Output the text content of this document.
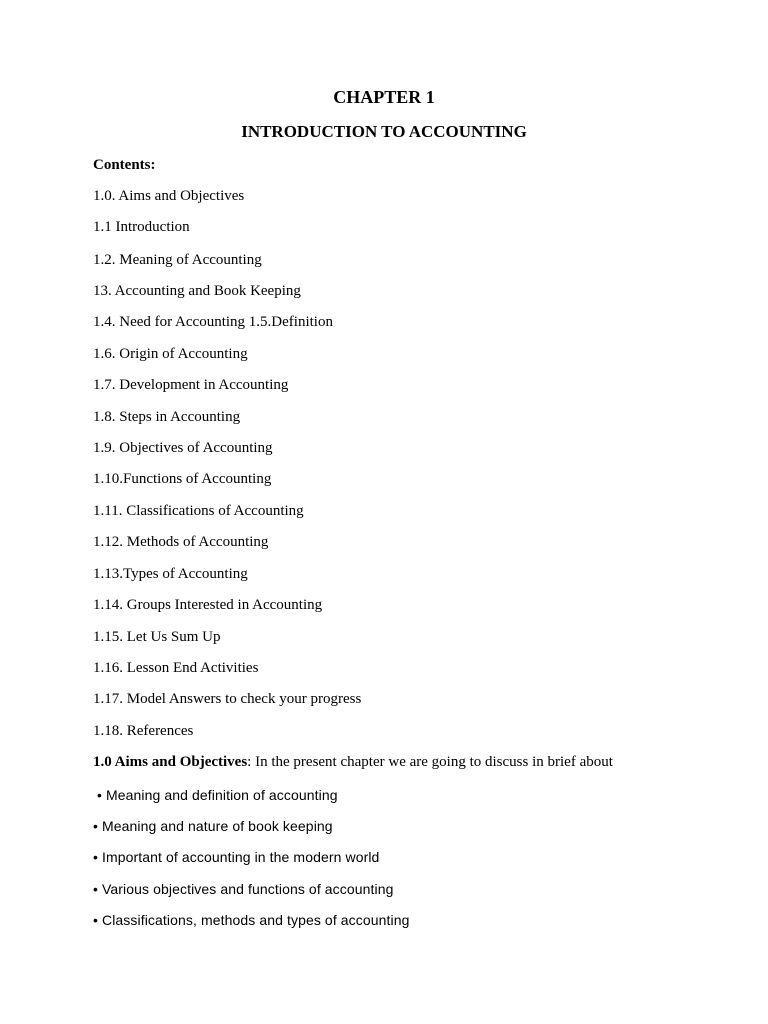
CHAPTER 1
INTRODUCTION TO ACCOUNTING
Contents:
1.0. Aims and Objectives
1.1 Introduction
1.2. Meaning of Accounting
13. Accounting and Book Keeping
1.4. Need for Accounting 1.5.Definition
1.6. Origin of Accounting
1.7. Development in Accounting
1.8. Steps in Accounting
1.9. Objectives of Accounting
1.10.Functions of Accounting
1.11. Classifications of Accounting
1.12. Methods of Accounting
1.13.Types of Accounting
1.14. Groups Interested in Accounting
1.15. Let Us Sum Up
1.16. Lesson End Activities
1.17. Model Answers to check your progress
1.18. References
1.0 Aims and Objectives: In the present chapter we are going to discuss in brief about
• Meaning and definition of accounting
• Meaning and nature of book keeping
• Important of accounting in the modern world
• Various objectives and functions of accounting
• Classifications, methods and types of accounting
